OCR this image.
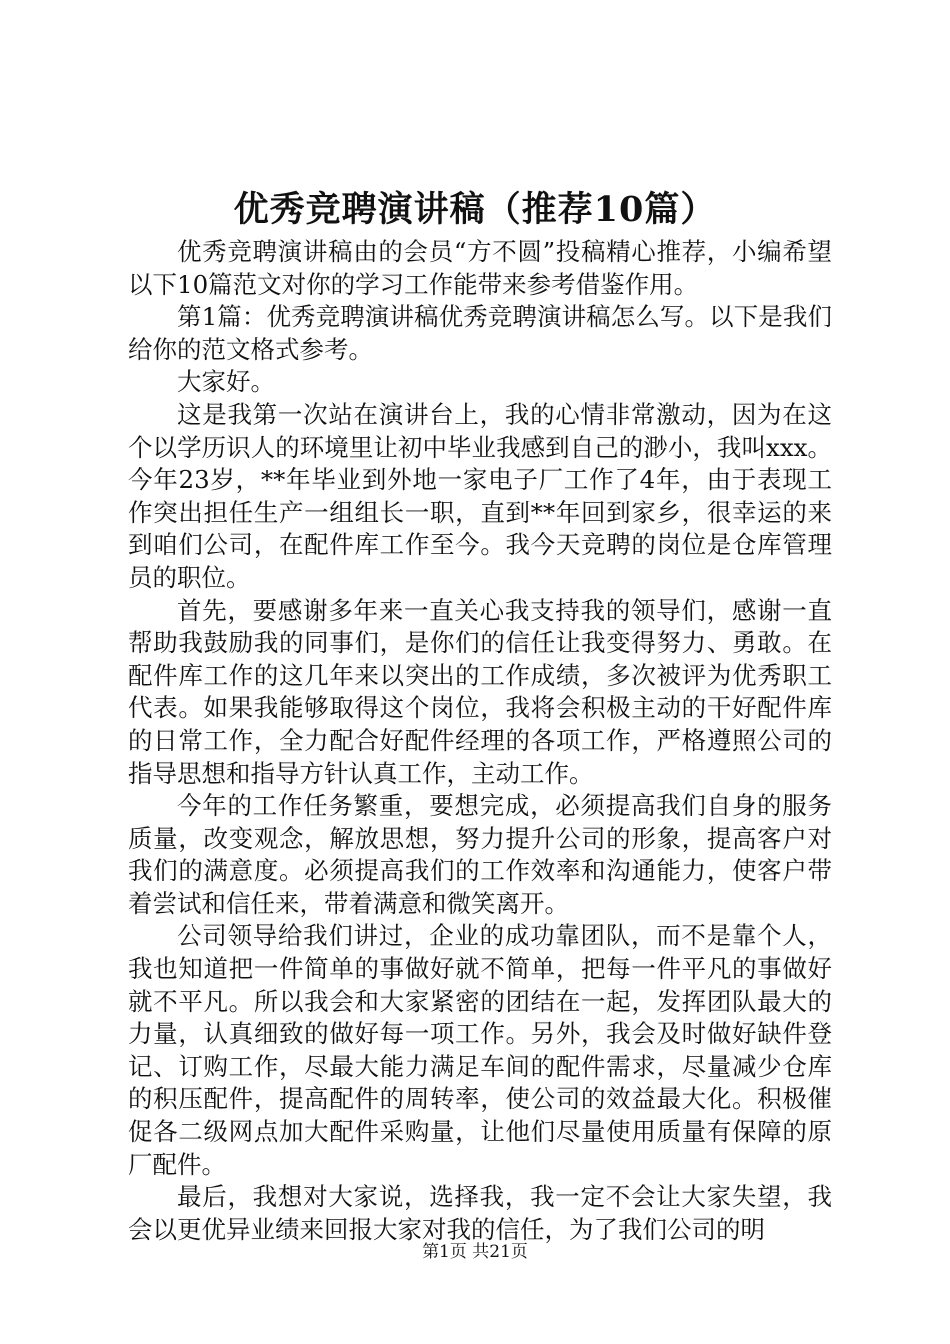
优秀竞聘演讲稿（推荐10篇）

优秀竞聘演讲稿由的会员“方不圆”投稿精心推荐，小编希望以下10篇范文对你的学习工作能带来参考借鉴作用。

第1篇：优秀竞聘演讲稿优秀竞聘演讲稿怎么写。以下是我们给你的范文格式参考。

大家好。

这是我第一次站在演讲台上，我的心情非常激动，因为在这个以学历识人的环境里让初中毕业我感到自己的渺小，我叫xxx。今年23岁，**年毕业到外地一家电子厂工作了4年，由于表现工作突出担任生产一组组长一职，直到**年回到家乡，很幸运的来到咱们公司，在配件库工作至今。我今天竞聘的岗位是仓库管理员的职位。

首先，要感谢多年来一直关心我支持我的领导们，感谢一直帮助我鼓励我的同事们，是你们的信任让我变得努力、勇敢。在配件库工作的这几年来以突出的工作成绩，多次被评为优秀职工代表。如果我能够取得这个岗位，我将会积极主动的干好配件库的日常工作，全力配合好配件经理的各项工作，严格遵照公司的指导思想和指导方针认真工作，主动工作。

今年的工作任务繁重，要想完成，必须提高我们自身的服务质量，改变观念，解放思想，努力提升公司的形象，提高客户对我们的满意度。必须提高我们的工作效率和沟通能力，使客户带着尝试和信任来，带着满意和微笑离开。

公司领导给我们讲过，企业的成功靠团队，而不是靠个人，我也知道把一件简单的事做好就不简单，把每一件平凡的事做好就不平凡。所以我会和大家紧密的团结在一起，发挥团队最大的力量，认真细致的做好每一项工作。另外，我会及时做好缺件登记、订购工作，尽最大能力满足车间的配件需求，尽量减少仓库的积压配件，提高配件的周转率，使公司的效益最大化。积极催促各二级网点加大配件采购量，让他们尽量使用质量有保障的原厂配件。

最后，我想对大家说，选择我，我一定不会让大家失望，我会以更优异业绩来回报大家对我的信任，为了我们公司的明

第1页 共21页
